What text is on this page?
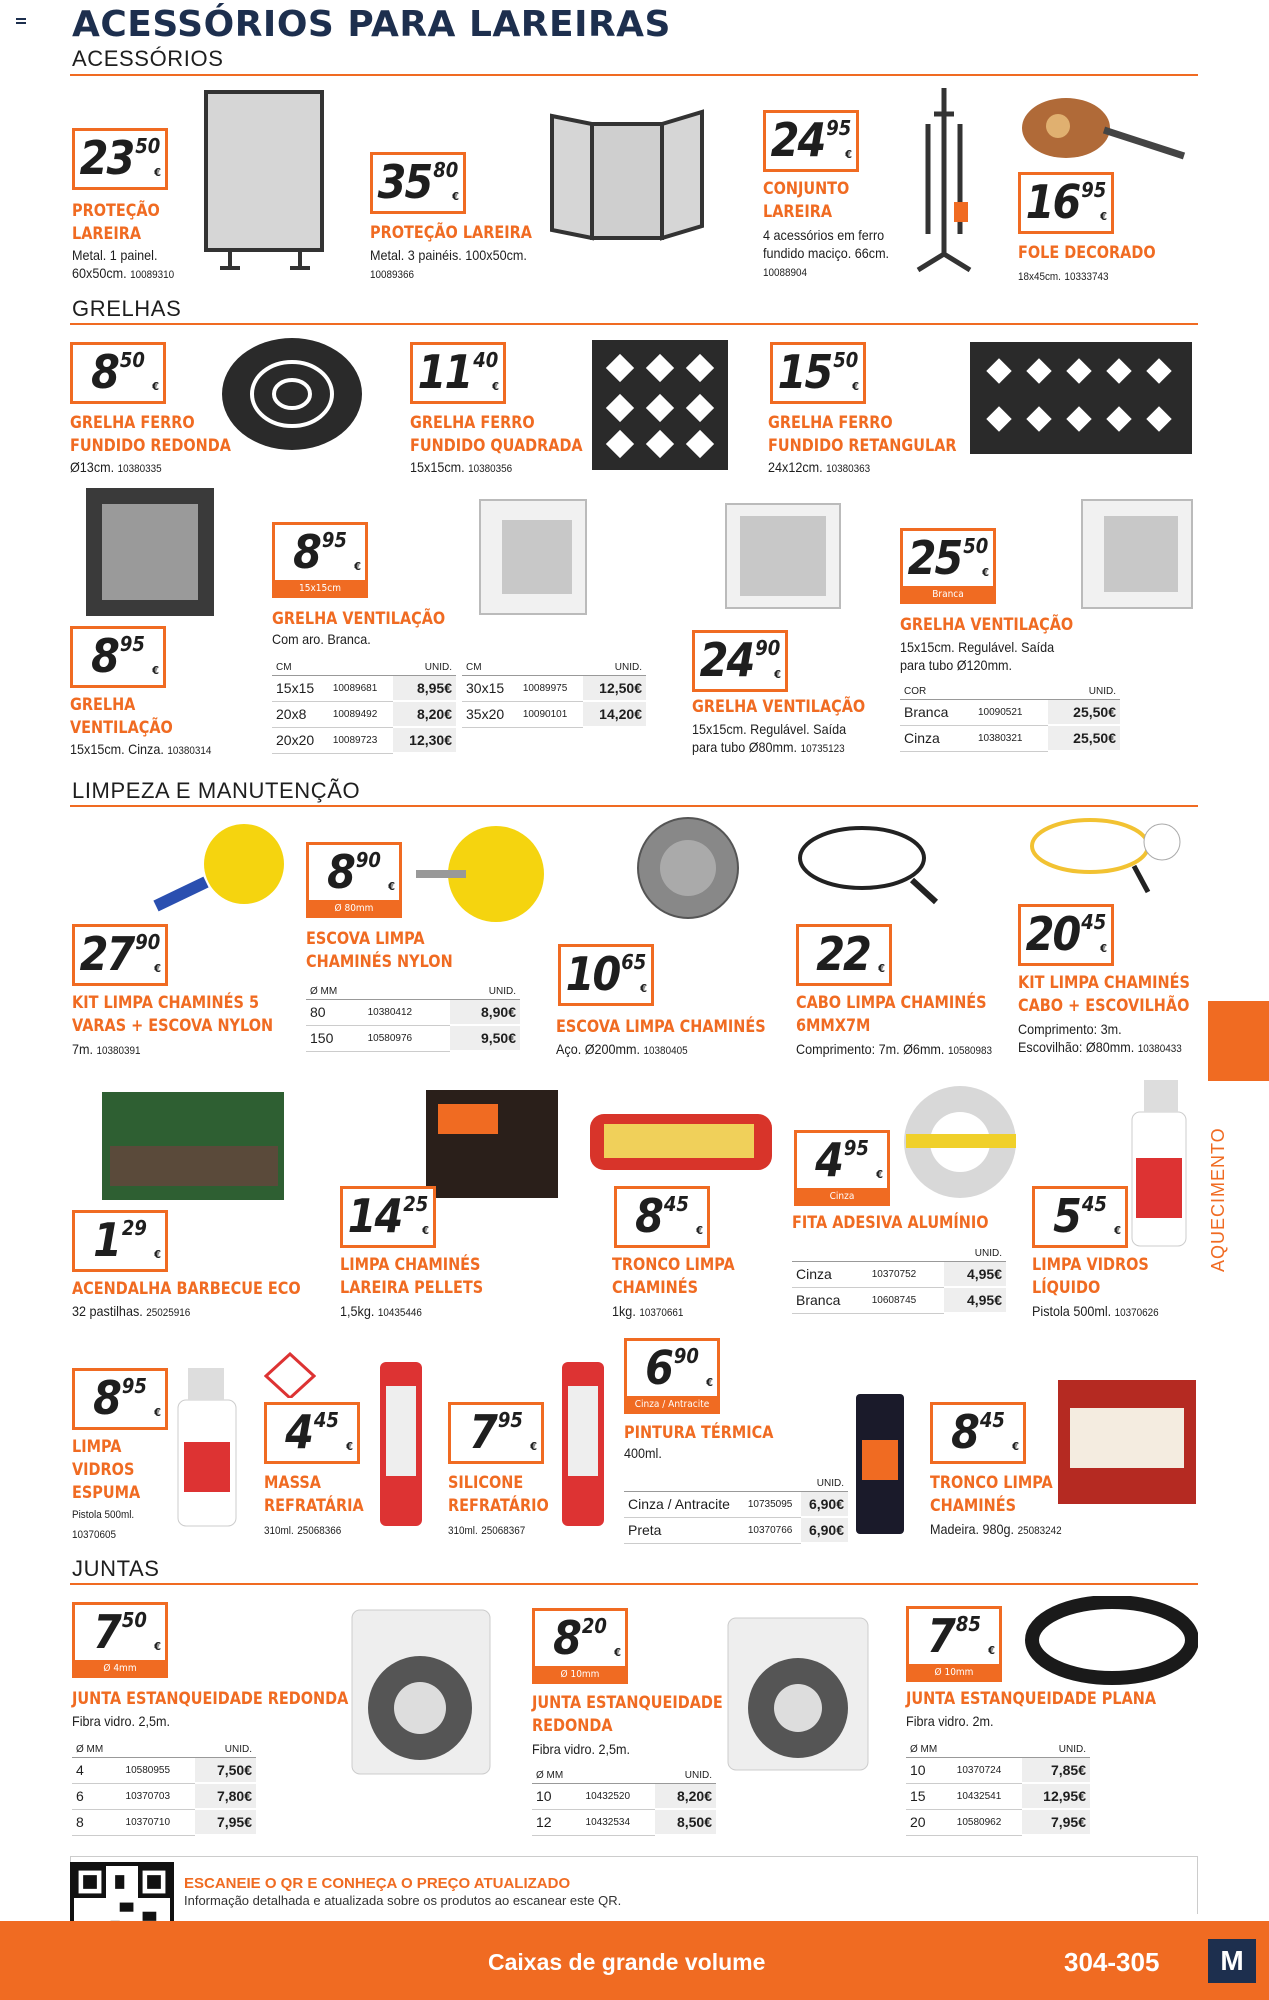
ACESSÓRIOS PARA LAREIRAS
ACESSÓRIOS
23 50
€
PROTEÇÃO
LAREIRA
Metal. 1 painel.
60x50cm. 10089310
35 80
€
PROTEÇÃO LAREIRA
Metal. 3 painéis. 100x50cm.
10089366
24 95
€
CONJUNTO
LAREIRA
4 acessórios em ferro
fundido maciço. 66cm.
10088904
16 95
€
FOLE DECORADO
18x45cm. 10333743
GRELHAS
8 50
€
GRELHA FERRO
FUNDIDO REDONDA
Ø13cm. 10380335
11 40
€
GRELHA FERRO
FUNDIDO QUADRADA
15x15cm. 10380356
15 50
€
GRELHA FERRO
FUNDIDO RETANGULAR
24x12cm. 10380363
8 95
€
GRELHA
VENTILAÇÃO
15x15cm. Cinza. 10380314
8 95
€
15x15cm
GRELHA VENTILAÇÃO
Com aro. Branca.
CM		UNID.
15x15	10089681	8,95€
20x8	10089492	8,20€
20x20	10089723	12,30€
CM		UNID.
30x15	10089975	12,50€
35x20	10090101	14,20€
24 90
€
GRELHA VENTILAÇÃO
15x15cm. Regulável. Saída
para tubo Ø80mm. 10735123
25 50
€
Branca
GRELHA VENTILAÇÃO
15x15cm. Regulável. Saída
para tubo Ø120mm.
COR		UNID.
Branca	10090521	25,50€
Cinza	10380321	25,50€
LIMPEZA E MANUTENÇÃO
27 90
€
KIT LIMPA CHAMINÉS 5
VARAS + ESCOVA NYLON
7m. 10380391
8 90
€
Ø 80mm
ESCOVA LIMPA
CHAMINÉS NYLON
Ø MM		UNID.
80	10380412	8,90€
150	10580976	9,50€
10 65
€
ESCOVA LIMPA CHAMINÉS
Aço. Ø200mm. 10380405
22 €
CABO LIMPA CHAMINÉS
6MMX7M
Comprimento: 7m. Ø6mm. 10580983
20 45
€
KIT LIMPA CHAMINÉS
CABO + ESCOVILHÃO
Comprimento: 3m.
Escovilhão: Ø80mm. 10380433
AQUECIMENTO
1 29
€
ACENDALHA BARBECUE ECO
32 pastilhas. 25025916
14 25
€
LIMPA CHAMINÉS
LAREIRA PELLETS
1,5kg. 10435446
8 45
€
TRONCO LIMPA
CHAMINÉS
1kg. 10370661
4 95
€
Cinza
FITA ADESIVA ALUMÍNIO
		UNID.
Cinza	10370752	4,95€
Branca	10608745	4,95€
5 45
€
LIMPA VIDROS
LÍQUIDO
Pistola 500ml. 10370626
8 95
€
LIMPA
VIDROS
ESPUMA
Pistola 500ml.
10370605
4 45
€
MASSA
REFRATÁRIA
310ml. 25068366
7 95
€
SILICONE
REFRATÁRIO
310ml. 25068367
6 90
€
Cinza / Antracite
PINTURA TÉRMICA
400ml.
		UNID.
Cinza / Antracite	10735095	6,90€
Preta	10370766	6,90€
8 45
€
TRONCO LIMPA
CHAMINÉS
Madeira. 980g. 25083242
JUNTAS
7 50
€
Ø 4mm
JUNTA ESTANQUEIDADE REDONDA
Fibra vidro. 2,5m.
Ø MM		UNID.
4	10580955	7,50€
6	10370703	7,80€
8	10370710	7,95€
8 20
€
Ø 10mm
JUNTA ESTANQUEIDADE
REDONDA
Fibra vidro. 2,5m.
Ø MM		UNID.
10	10432520	8,20€
12	10432534	8,50€
7 85
€
Ø 10mm
JUNTA ESTANQUEIDADE PLANA
Fibra vidro. 2m.
Ø MM		UNID.
10	10370724	7,85€
15	10432541	12,95€
20	10580962	7,95€
ESCANEIE O QR E CONHEÇA O PREÇO ATUALIZADO
Informação detalhada e atualizada sobre os produtos ao escanear este QR.
Caixas de grande volume	304-305	M
